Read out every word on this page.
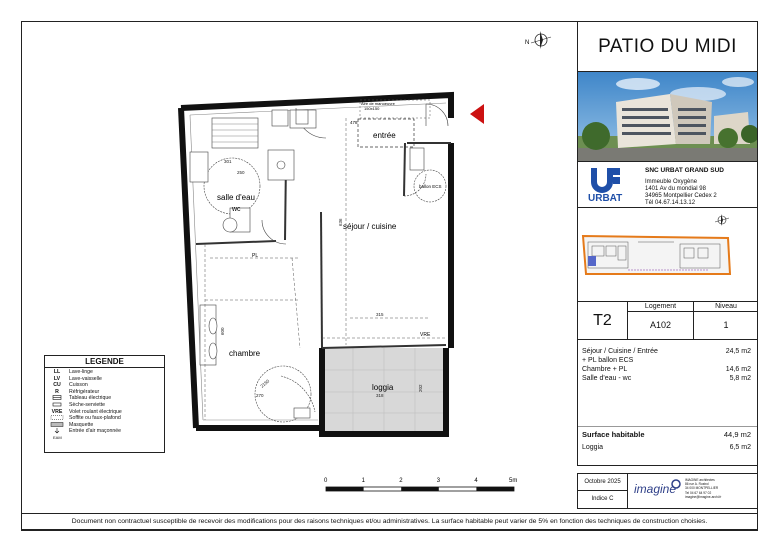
N
entrée
Aire de manoeuvre
150x150
478
ballon ECS
séjour / cuisine
salle d'eau
wc
chambre
loggia
PL
VRE
636
315
301
250
270	318
202
600
2150
0	1	2	3	4	5m
LEGENDE
LL	Lave-linge
LV	Lave-vaisselle
CU	Cuisson
R	Réfrigérateur
Tableau électrique
Sèche-serviette
VRE	Volet roulant électrique
Soffite ou faux-plafond
Masquette
Entrée d'air maçonnée
EAM
PATIO DU MIDI
URBAT
SNC URBAT GRAND SUD
Immeuble Oxygène
1401 Av du mondial 98
34965 Montpellier Cedex 2
Tél 04.67.14.13.12
T2
Logement
A102
Niveau
1
Séjour / Cuisine / Entrée	24,5 m2
+ PL ballon ECS
Chambre + PL	14,6 m2
Salle d'eau - wc	5,8 m2
Surface habitable	44,9 m2
Loggia	6,5 m2
Octobre 2025
Indice C
imagine
IMAGINE architectes
86 rue A. Rostrol
34 000 MONTPELLIER
Tel 04 67 64 97 02
imagine@imagine-archi.fr
Document non contractuel susceptible de recevoir des modifications pour des raisons techniques et/ou administratives. La surface habitable peut varier de 5% en fonction des techniques de construction choisies.
